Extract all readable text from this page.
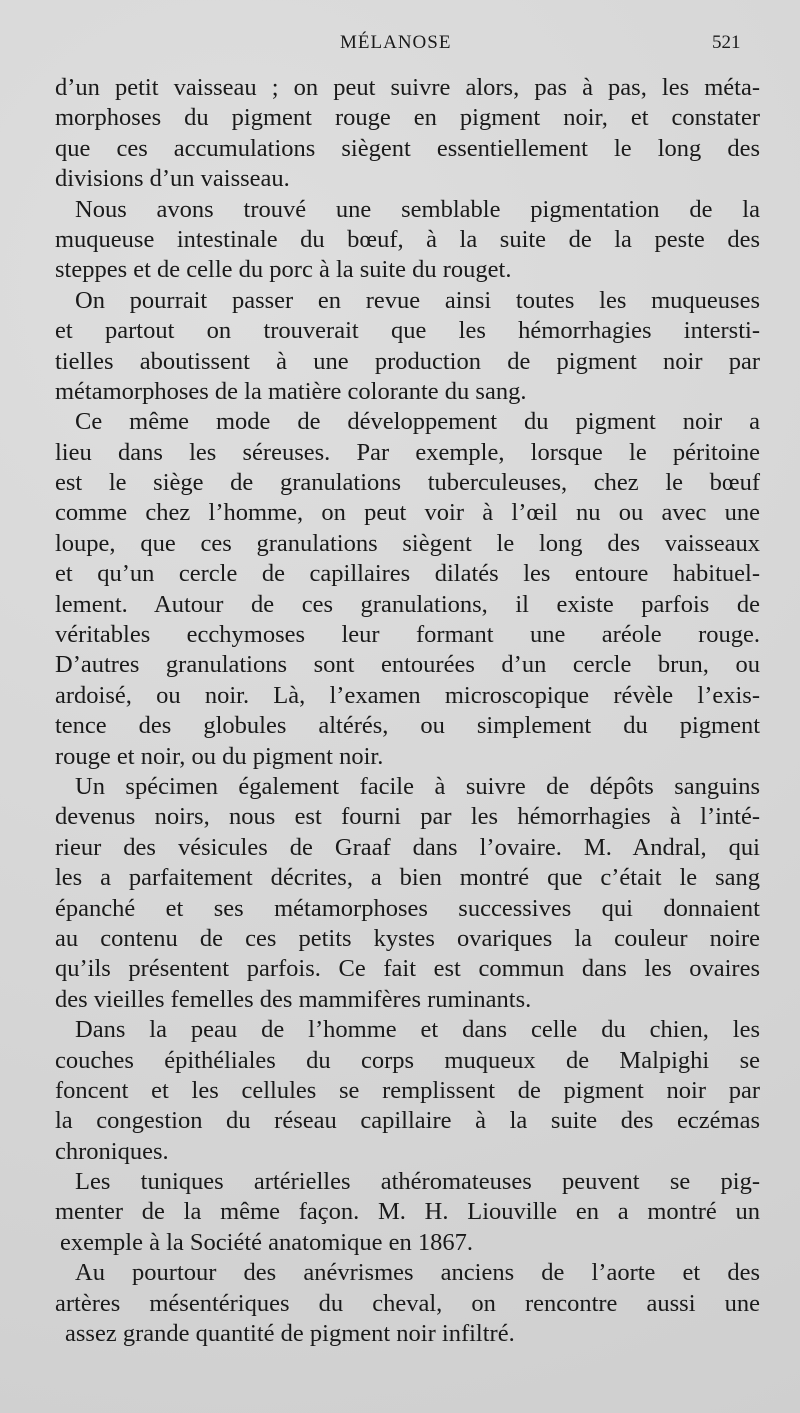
MÉLANOSE	521
d’un petit vaisseau ; on peut suivre alors, pas à pas, les méta-
morphoses du pigment rouge en pigment noir, et constater
que ces accumulations siègent essentiellement le long des
divisions d’un vaisseau.
Nous avons trouvé une semblable pigmentation de la
muqueuse intestinale du bœuf, à la suite de la peste des
steppes et de celle du porc à la suite du rouget.
On pourrait passer en revue ainsi toutes les muqueuses
et partout on trouverait que les hémorrhagies intersti-
tielles aboutissent à une production de pigment noir par
métamorphoses de la matière colorante du sang.
Ce même mode de développement du pigment noir a
lieu dans les séreuses. Par exemple, lorsque le péritoine
est le siège de granulations tuberculeuses, chez le bœuf
comme chez l’homme, on peut voir à l’œil nu ou avec une
loupe, que ces granulations siègent le long des vaisseaux
et qu’un cercle de capillaires dilatés les entoure habituel-
lement. Autour de ces granulations, il existe parfois de
véritables ecchymoses leur formant une aréole rouge.
D’autres granulations sont entourées d’un cercle brun, ou
ardoisé, ou noir. Là, l’examen microscopique révèle l’exis-
tence des globules altérés, ou simplement du pigment
rouge et noir, ou du pigment noir.
Un spécimen également facile à suivre de dépôts sanguins
devenus noirs, nous est fourni par les hémorrhagies à l’inté-
rieur des vésicules de Graaf dans l’ovaire. M. Andral, qui
les a parfaitement décrites, a bien montré que c’était le sang
épanché et ses métamorphoses successives qui donnaient
au contenu de ces petits kystes ovariques la couleur noire
qu’ils présentent parfois. Ce fait est commun dans les ovaires
des vieilles femelles des mammifères ruminants.
Dans la peau de l’homme et dans celle du chien, les
couches épithéliales du corps muqueux de Malpighi se
foncent et les cellules se remplissent de pigment noir par
la congestion du réseau capillaire à la suite des eczémas
chroniques.
Les tuniques artérielles athéromateuses peuvent se pig-
menter de la même façon. M. H. Liouville en a montré un
exemple à la Société anatomique en 1867.
Au pourtour des anévrismes anciens de l’aorte et des
artères mésentériques du cheval, on rencontre aussi une
assez grande quantité de pigment noir infiltré.
